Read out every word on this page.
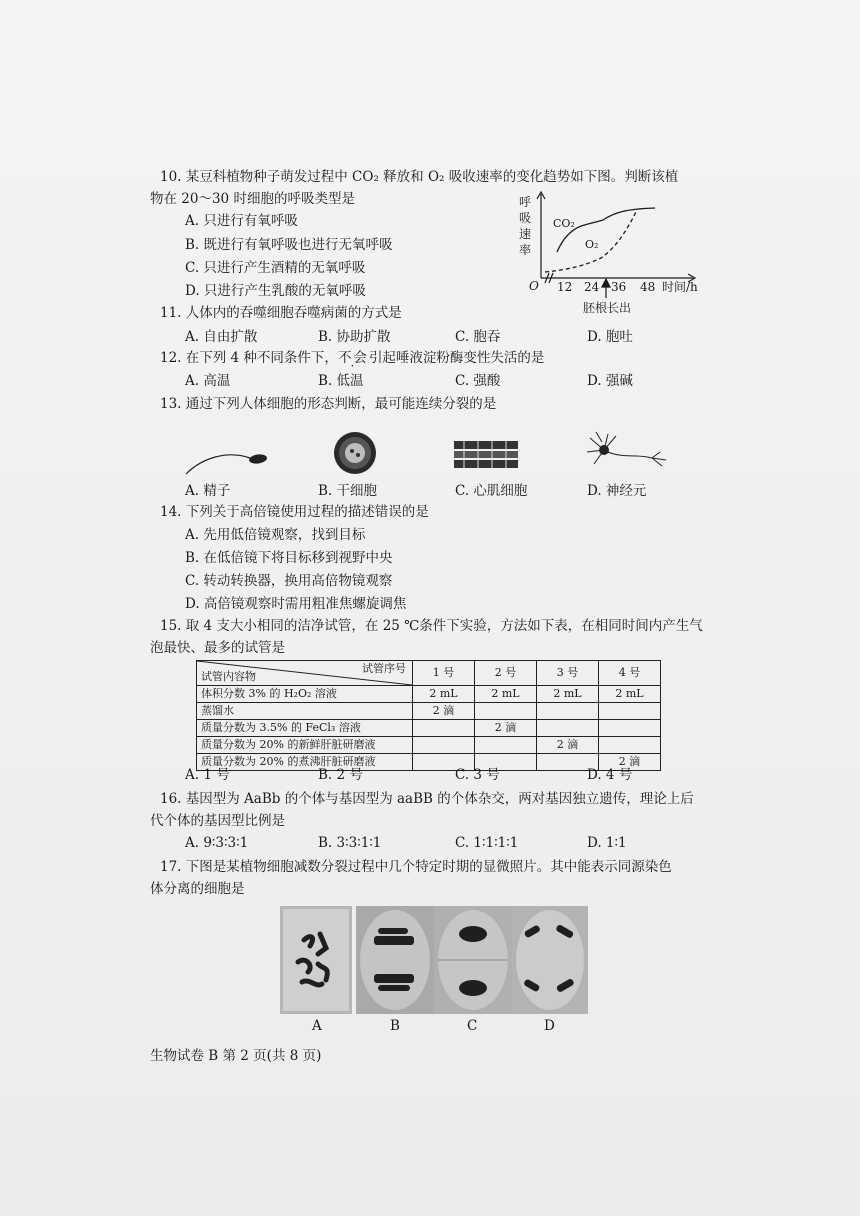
10. 某豆科植物种子萌发过程中 CO₂ 释放和 O₂ 吸收速率的变化趋势如下图。判断该植
物在 20～30 时细胞的呼吸类型是
A. 只进行有氧呼吸
B. 既进行有氧呼吸也进行无氧呼吸
C. 只进行产生酒精的无氧呼吸
D. 只进行产生乳酸的无氧呼吸
呼
吸
速
率
O 12 24 36 48 时间/h
CO₂
O₂
胚根长出
11. 人体内的吞噬细胞吞噬病菌的方式是
A. 自由扩散	B. 协助扩散	C. 胞吞	D. 胞吐
12. 在下列 4 种不同条件下，不会引起唾液淀粉酶变性失活的是
A. 高温	B. 低温	C. 强酸	D. 强碱
13. 通过下列人体细胞的形态判断，最可能连续分裂的是
A. 精子	B. 干细胞	C. 心肌细胞	D. 神经元
14. 下列关于高倍镜使用过程的描述错误的是
A. 先用低倍镜观察，找到目标
B. 在低倍镜下将目标移到视野中央
C. 转动转换器，换用高倍物镜观察
D. 高倍镜观察时需用粗准焦螺旋调焦
15. 取 4 支大小相同的洁净试管，在 25 ℃条件下实验，方法如下表，在相同时间内产生气
泡最快、最多的试管是
试管序号
试管内容物	1 号	2 号	3 号	4 号
体积分数 3% 的 H₂O₂ 溶液	2 mL	2 mL	2 mL	2 mL
蒸馏水	2 滴			
质量分数为 3.5% 的 FeCl₃ 溶液		2 滴		
质量分数为 20% 的新鲜肝脏研磨液			2 滴	
质量分数为 20% 的煮沸肝脏研磨液				2 滴
A. 1 号	B. 2 号	C. 3 号	D. 4 号
16. 基因型为 AaBb 的个体与基因型为 aaBB 的个体杂交，两对基因独立遗传，理论上后
代个体的基因型比例是
A. 9∶3∶3∶1	B. 3∶3∶1∶1	C. 1∶1∶1∶1	D. 1∶1
17. 下图是某植物细胞减数分裂过程中几个特定时期的显微照片。其中能表示同源染色
体分离的细胞是
A	B	C	D
生物试卷 B 第 2 页(共 8 页)
